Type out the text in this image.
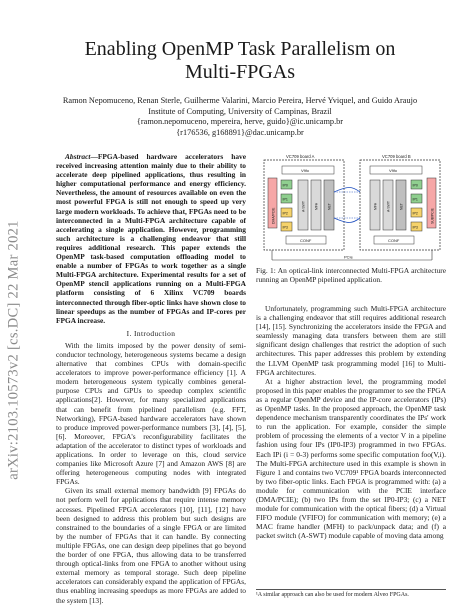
arXiv:2103.10573v2 [cs.DC] 22 Mar 2021
Enabling OpenMP Task Parallelism on
Multi-FPGAs
Ramon Nepomuceno, Renan Sterle, Guilherme Valarini, Marcio Pereira, Hervé Yviquel, and Guido Araujo
Institute of Computing, University of Campinas, Brazil
{ramon.nepomuceno, mpereira, herve, guido}@ic.unicamp.br
{r176536, g168891}@dac.unicamp.br

Abstract—FPGA-based hardware accelerators have received increasing attention mainly due to their ability to accelerate deep pipelined applications, thus resulting in higher computational performance and energy efficiency. Nevertheless, the amount of resources available on even the most powerful FPGA is still not enough to speed up very large modern workloads. To achieve that, FPGAs need to be interconnected in a Multi-FPGA architecture capable of accelerating a single application. However, programming such architecture is a challenging endeavor that still requires additional research. This paper extends the OpenMP task-based computation offloading model to enable a number of FPGAs to work together as a single Multi-FPGA architecture. Experimental results for a set of OpenMP stencil applications running on a Multi-FPGA platform consisting of 6 Xilinx VC709 boards interconnected through fiber-optic links have shown close to linear speedups as the number of FPGAs and IP-cores per FPGA increase.

I. Introduction

With the limits imposed by the power density of semi-conductor technology, heterogeneous systems became a design alternative that combines CPUs with domain-specific accelerators to improve power-performance efficiency [1]. A modern heterogeneous system typically combines general-purpose CPUs and GPUs to speedup complex scientific applications[2]. However, for many specialized applications that can benefit from pipelined parallelism (e.g. FFT, Networking), FPGA-based hardware accelerators have shown to produce improved power-performance numbers [3], [4], [5], [6]. Moreover, FPGA's reconfigurability facilitates the adaptation of the accelerator to distinct types of workloads and applications. In order to leverage on this, cloud service companies like Microsoft Azure [7] and Amazon AWS [8] are offering heterogeneous computing nodes with integrated FPGAs.

Given its small external memory bandwidth [9] FPGAs do not perform well for applications that require intense memory accesses. Pipelined FPGA accelerators [10], [11], [12] have been designed to address this problem but such designs are constrained to the boundaries of a single FPGA or are limited by the number of FPGAs that it can handle. By connecting multiple FPGAs, one can design deep pipelines that go beyond the border of one FPGA, thus allowing data to be transferred through optical-links from one FPGA to another without using external memory as temporal storage. Such deep pipeline accelerators can considerably expand the application of FPGAs, thus enabling increasing speedups as more FPGAs are added to the system [13].

VC709 board A	VC709 board B
Vfifo	Vfifo
DMA/PCIE	SUB/PCIE
IP0
IP1
IP2
IP3
A-SWT	MFH	NET	MFH	A-SWT	NET
IP0
IP1
IP2
IP3
CONF	CONF
PCIe
Fig. 1: An optical-link interconnected Multi-FPGA architecture running an OpenMP pipelined application.

Unfortunately, programming such Multi-FPGA architecture is a challenging endeavor that still requires additional research [14], [15]. Synchronizing the accelerators inside the FPGA and seamlessly managing data transfers between them are still significant design challenges that restrict the adoption of such architectures. This paper addresses this problem by extending the LLVM OpenMP task programming model [16] to Multi-FPGA architectures.

At a higher abstraction level, the programming model proposed in this paper enables the programmer to see the FPGA as a regular OpenMP device and the IP-core accelerators (IPs) as OpenMP tasks. In the proposed approach, the OpenMP task dependence mechanism transparently coordinates the IPs' work to run the application. For example, consider the simple problem of processing the elements of a vector V in a pipeline fashion using four IPs (IP0-IP3) programmed in two FPGAs. Each IPi (i = 0-3) performs some specific computation foo(V,i). The Multi-FPGA architecture used in this example is shown in Figure 1 and contains two VC709¹ FPGA boards interconnected by two fiber-optic links. Each FPGA is programmed with: (a) a module for communication with the PCIE interface (DMA/PCIE); (b) two IPs from the set IP0-IP3; (c) a NET module for communication with the optical fibers; (d) a Virtual FIFO module (VFIFO) for communication with memory; (e) a MAC frame handler (MFH) to pack/unpack data; and (f) a packet switch (A-SWT) module capable of moving data among

¹A similar approach can also be used for modern Alveo FPGAs.
